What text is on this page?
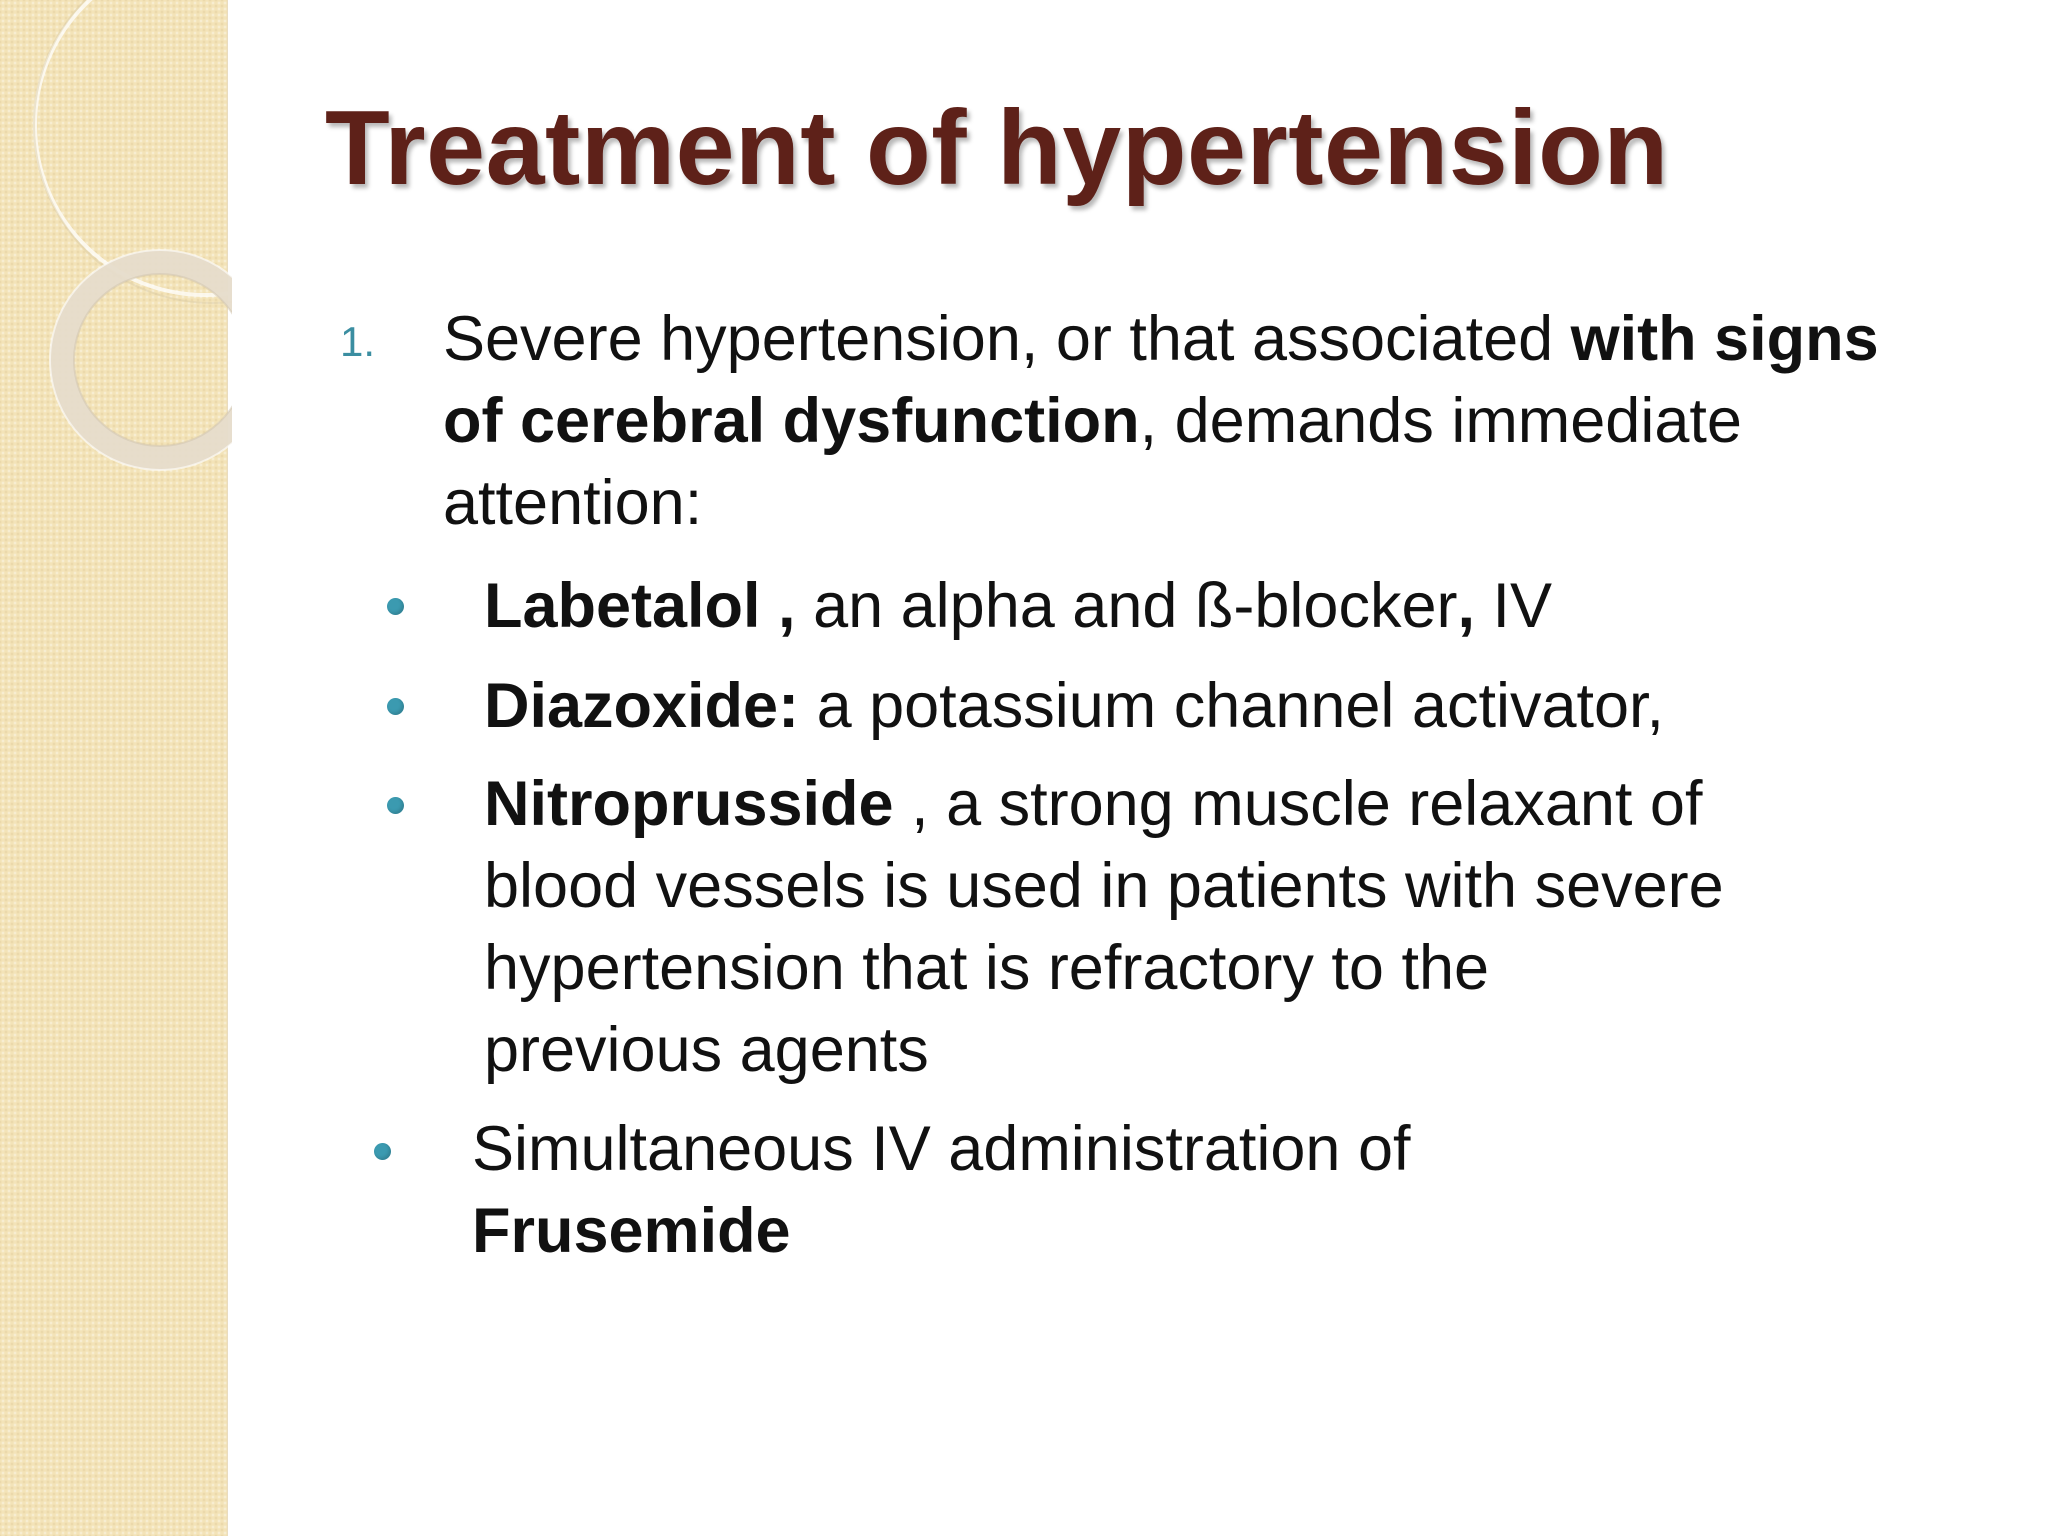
Treatment of hypertension
1. Severe hypertension, or that associated with signs of cerebral dysfunction, demands immediate attention:
Labetalol , an alpha and ß-blocker, IV
Diazoxide: a potassium channel activator,
Nitroprusside , a strong muscle relaxant of
blood vessels is used in patients with severe
hypertension that is refractory to the
previous agents
Simultaneous IV administration of
Frusemide
